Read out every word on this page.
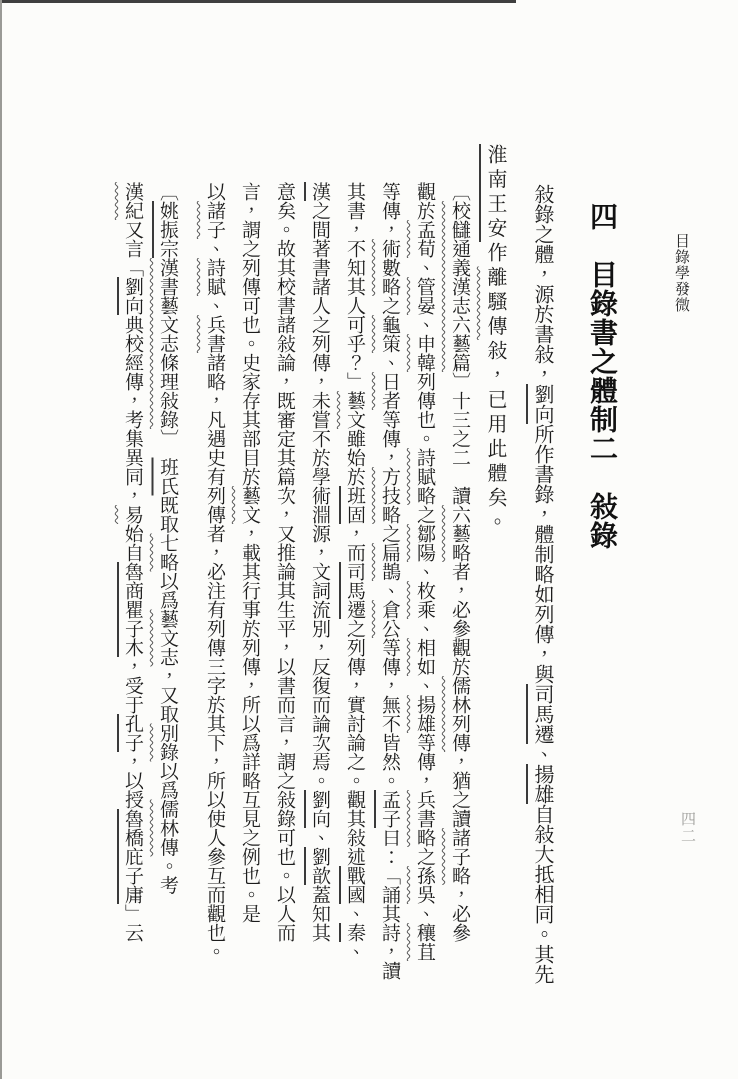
目錄學發微
四　目錄書之體制二　敍錄
敍錄之體，源於書敍，劉向所作書錄，體制略如列傳，與司馬遷、揚雄自敍大抵相同。其先
淮南王安作離騷傳敍，已用此體矣。
〔校讎通義漢志六藝篇〕十三之二　讀六藝略者，必參觀於儒林列傳，猶之讀諸子略，必參
觀於孟荀、管晏、申韓列傳也。詩賦略之鄒陽、枚乘、相如、揚雄等傳，兵書略之孫吳、穰苴
等傳，術數略之龜策、日者等傳，方技略之扁鵲、倉公等傳，無不皆然。孟子曰：「誦其詩，讀
其書，不知其人可乎？」藝文雖始於班固，而司馬遷之列傳，實討論之。觀其敍述戰國、秦、
漢之間著書諸人之列傳，未嘗不於學術淵源，文詞流別，反復而論次焉。劉向、劉歆蓋知其
意矣。故其校書諸敍論，既審定其篇次，又推論其生平，以書而言，謂之敍錄可也。以人而
言，謂之列傳可也。史家存其部目於藝文，載其行事於列傳，所以爲詳略互見之例也。是
以諸子、詩賦、兵書諸略，凡遇史有列傳者，必注有列傳三字於其下，所以使人參互而觀也。
〔姚振宗漢書藝文志條理敍錄〕　班氏既取七略以爲藝文志，又取別錄以爲儒林傳。考
漢紀又言「劉向典校經傳，考集異同，易始自魯商瞿子木，受于孔子，以授魯橋庇子庸」云
四二
